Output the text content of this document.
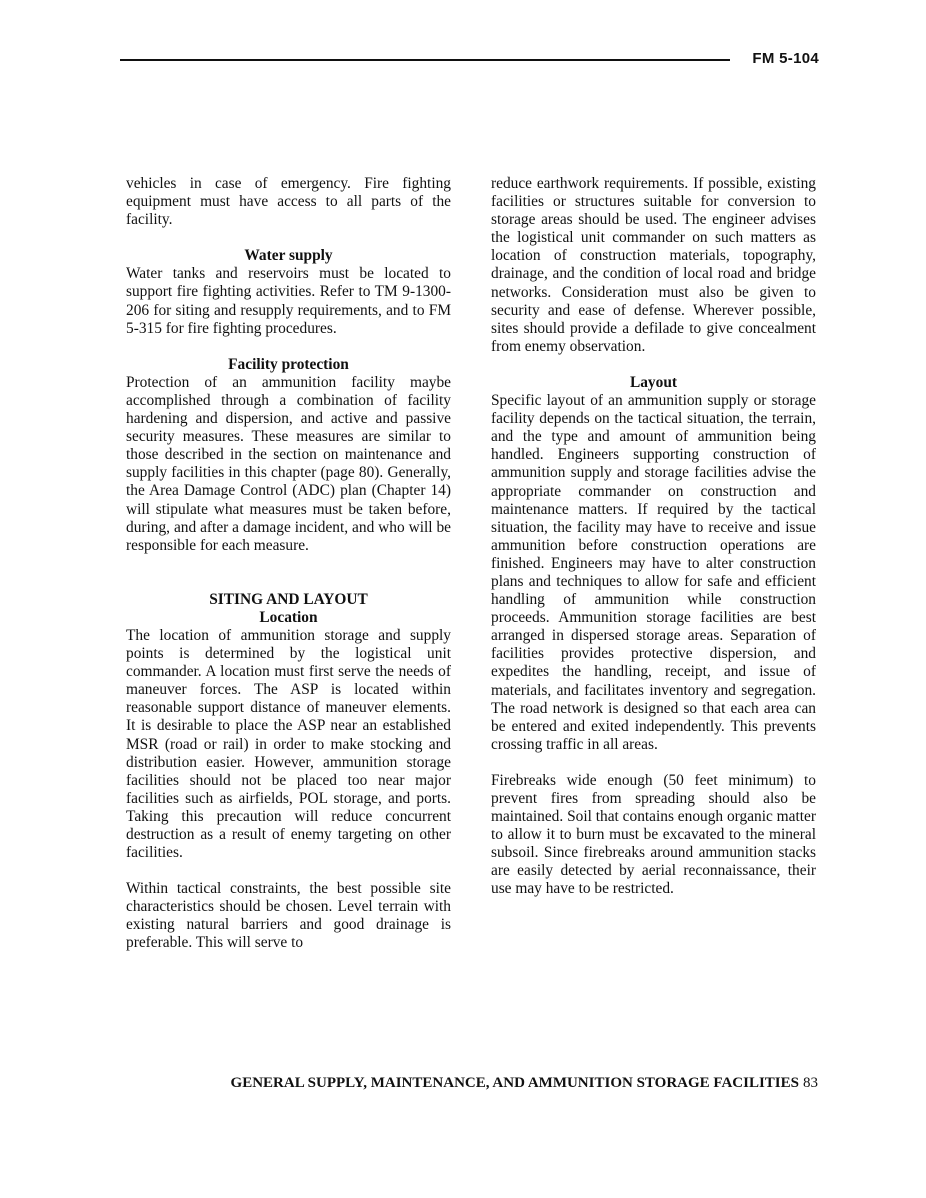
FM 5-104

vehicles in case of emergency. Fire fighting equipment must have access to all parts of the facility.

Water supply

Water tanks and reservoirs must be located to support fire fighting activities. Refer to TM 9-1300-206 for siting and resupply requirements, and to FM 5-315 for fire fighting procedures.

Facility protection

Protection of an ammunition facility maybe accomplished through a combination of facility hardening and dispersion, and active and passive security measures. These measures are similar to those described in the section on maintenance and supply facilities in this chapter (page 80). Generally, the Area Damage Control (ADC) plan (Chapter 14) will stipulate what measures must be taken before, during, and after a damage incident, and who will be responsible for each measure.

SITING AND LAYOUT
Location

The location of ammunition storage and supply points is determined by the logistical unit commander. A location must first serve the needs of maneuver forces. The ASP is located within reasonable support distance of maneuver elements. It is desirable to place the ASP near an established MSR (road or rail) in order to make stocking and distribution easier. However, ammunition storage facilities should not be placed too near major facilities such as airfields, POL storage, and ports. Taking this precaution will reduce concurrent destruction as a result of enemy targeting on other facilities.

Within tactical constraints, the best possible site characteristics should be chosen. Level terrain with existing natural barriers and good drainage is preferable. This will serve to

reduce earthwork requirements. If possible, existing facilities or structures suitable for conversion to storage areas should be used. The engineer advises the logistical unit commander on such matters as location of construction materials, topography, drainage, and the condition of local road and bridge networks. Consideration must also be given to security and ease of defense. Wherever possible, sites should provide a defilade to give concealment from enemy observation.

Layout

Specific layout of an ammunition supply or storage facility depends on the tactical situation, the terrain, and the type and amount of ammunition being handled. Engineers supporting construction of ammunition supply and storage facilities advise the appropriate commander on construction and maintenance matters. If required by the tactical situation, the facility may have to receive and issue ammunition before construction operations are finished. Engineers may have to alter construction plans and techniques to allow for safe and efficient handling of ammunition while construction proceeds. Ammunition storage facilities are best arranged in dispersed storage areas. Separation of facilities provides protective dispersion, and expedites the handling, receipt, and issue of materials, and facilitates inventory and segregation. The road network is designed so that each area can be entered and exited independently. This prevents crossing traffic in all areas.

Firebreaks wide enough (50 feet minimum) to prevent fires from spreading should also be maintained. Soil that contains enough organic matter to allow it to burn must be excavated to the mineral subsoil. Since firebreaks around ammunition stacks are easily detected by aerial reconnaissance, their use may have to be restricted.

GENERAL SUPPLY, MAINTENANCE, AND AMMUNITION STORAGE FACILITIES 83
